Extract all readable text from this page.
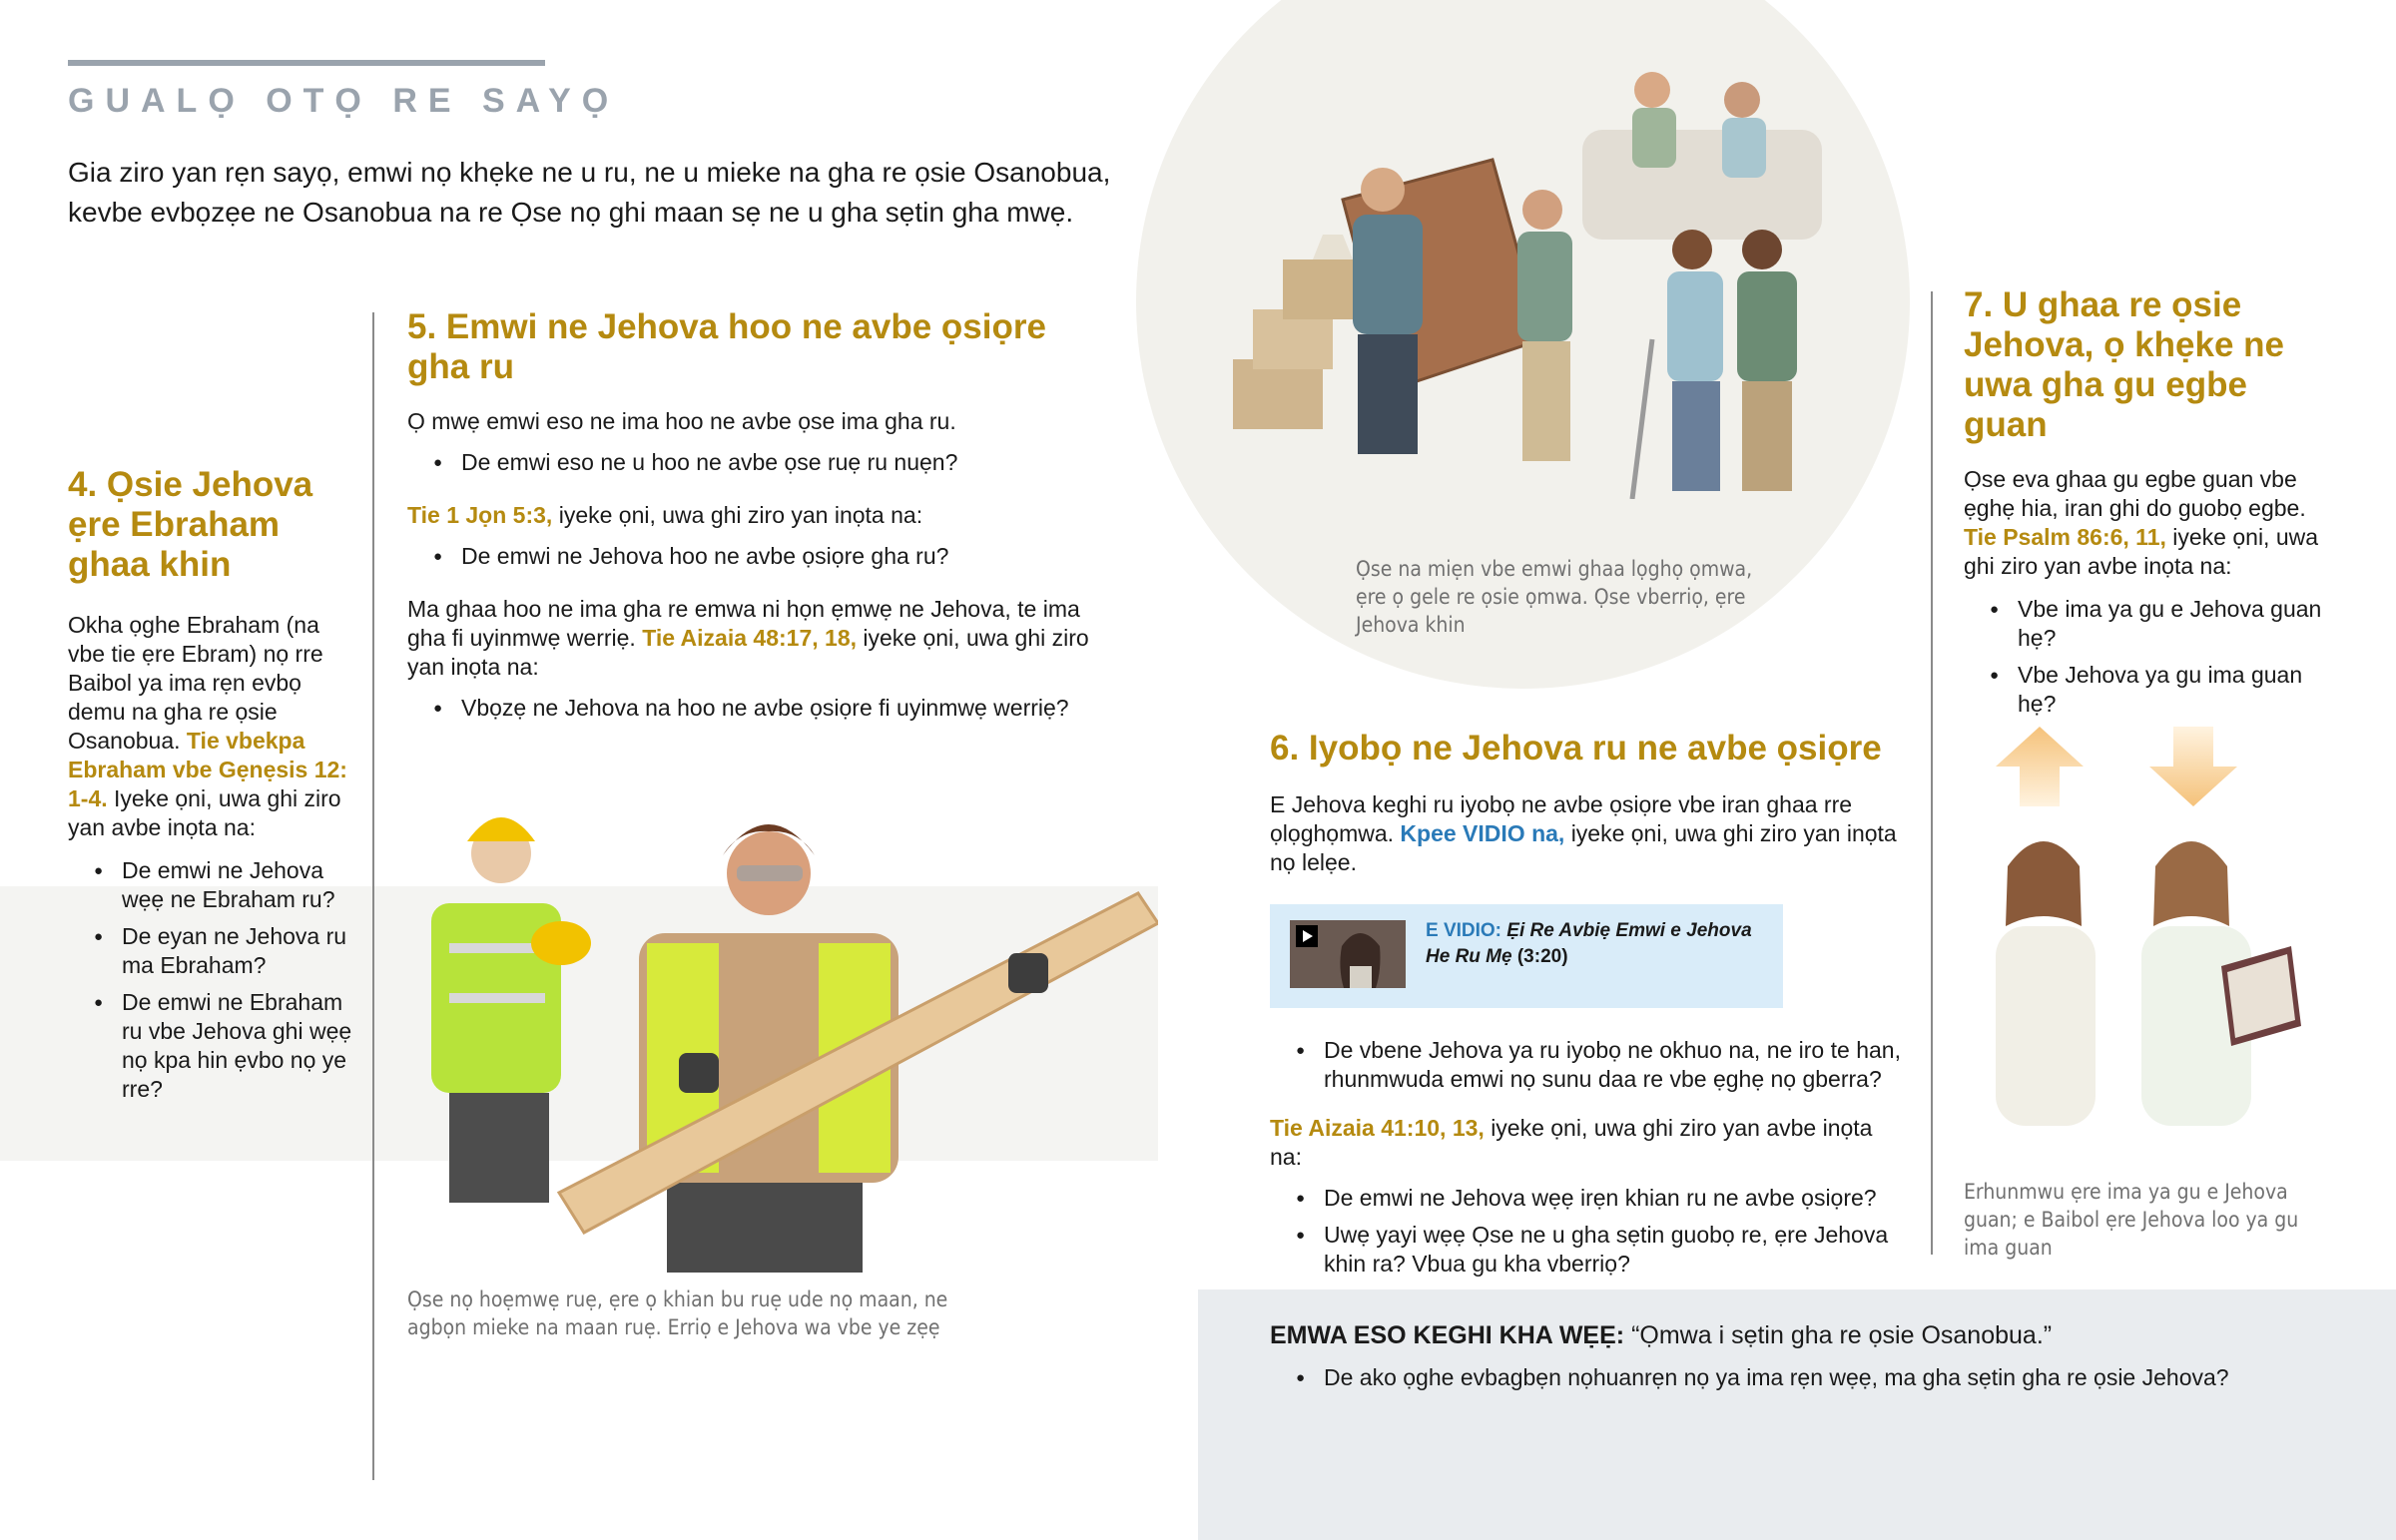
GUALỌ OTỌ RE SAYỌ
Gia ziro yan rẹn sayọ, emwi nọ khẹke ne u ru, ne u mieke na gha re ọsie Osanobua, kevbe evbọzẹe ne Osanobua na re Ọse nọ ghi maan sẹ ne u gha sẹtin gha mwẹ.
4. Ọsie Jehova ẹre Ebraham ghaa khin
Okha ọghe Ebraham (na vbe tie ẹre Ebram) nọ rre Baibol ya ima rẹn evbọ demu na gha re ọsie Osanobua. Tie vbekpa Ebraham vbe Gẹnẹsis 12: 1-4. Iyeke ọni, uwa ghi ziro yan avbe inọta na:
● De emwi ne Jehova wẹẹ ne Ebraham ru?
● De eyan ne Jehova ru ma Ebraham?
● De emwi ne Ebraham ru vbe Jehova ghi wẹẹ nọ kpa hin ẹvbo nọ ye rre?
5. Emwi ne Jehova hoo ne avbe ọsiọre gha ru
Ọ mwẹ emwi eso ne ima hoo ne avbe ọse ima gha ru.
● De emwi eso ne u hoo ne avbe ọse ruẹ ru nuẹn?
Tie 1 Jọn 5:3, iyeke ọni, uwa ghi ziro yan inọta na:
● De emwi ne Jehova hoo ne avbe ọsiọre gha ru?
Ma ghaa hoo ne ima gha re emwa ni họn ẹmwẹ ne Jehova, te ima gha fi uyinmwẹ werriẹ. Tie Aizaia 48:17, 18, iyeke ọni, uwa ghi ziro yan inọta na:
● Vbọzẹ ne Jehova na hoo ne avbe ọsiọre fi uyinmwẹ werriẹ?
Ọse nọ hoẹmwẹ ruẹ, ẹre ọ khian bu ruẹ ude nọ maan, ne agbọn mieke na maan ruẹ. Erriọ e Jehova wa vbe ye zẹẹ
Ọse na miẹn vbe emwi ghaa lọghọ ọmwa, ẹre ọ gele re ọsie ọmwa. Ọse vberriọ, ẹre Jehova khin
6. Iyobọ ne Jehova ru ne avbe ọsiọre
E Jehova keghi ru iyobọ ne avbe ọsiọre vbe iran ghaa rre ọlọghọmwa. Kpee VIDIO na, iyeke ọni, uwa ghi ziro yan inọta nọ lelẹe.
E VIDIO: Ẹi Re Avbiẹ Emwi e Jehova He Ru Mẹ (3:20)
● De vbene Jehova ya ru iyobọ ne okhuo na, ne iro te han, rhunmwuda emwi nọ sunu daa re vbe ẹghẹ nọ gberra?
Tie Aizaia 41:10, 13, iyeke ọni, uwa ghi ziro yan avbe inọta na:
● De emwi ne Jehova wẹẹ irẹn khian ru ne avbe ọsiọre?
● Uwẹ yayi wẹẹ Ọse ne u gha sẹtin guobọ re, ẹre Jehova khin ra? Vbua gu kha vberriọ?
7. U ghaa re ọsie Jehova, ọ khẹke ne uwa gha gu egbe guan
Ọse eva ghaa gu egbe guan vbe ẹghẹ hia, iran ghi do guobọ egbe. Tie Psalm 86:6, 11, iyeke ọni, uwa ghi ziro yan avbe inọta na:
● Vbe ima ya gu e Jehova guan hẹ?
● Vbe Jehova ya gu ima guan hẹ?
Erhunmwu ẹre ima ya gu e Jehova guan; e Baibol ẹre Jehova loo ya gu ima guan
EMWA ESO KEGHI KHA WẸẸ: “Ọmwa i sẹtin gha re ọsie Osanobua.”
● De ako ọghe evbagbẹn nọhuanrẹn nọ ya ima rẹn wẹẹ, ma gha sẹtin gha re ọsie Jehova?
